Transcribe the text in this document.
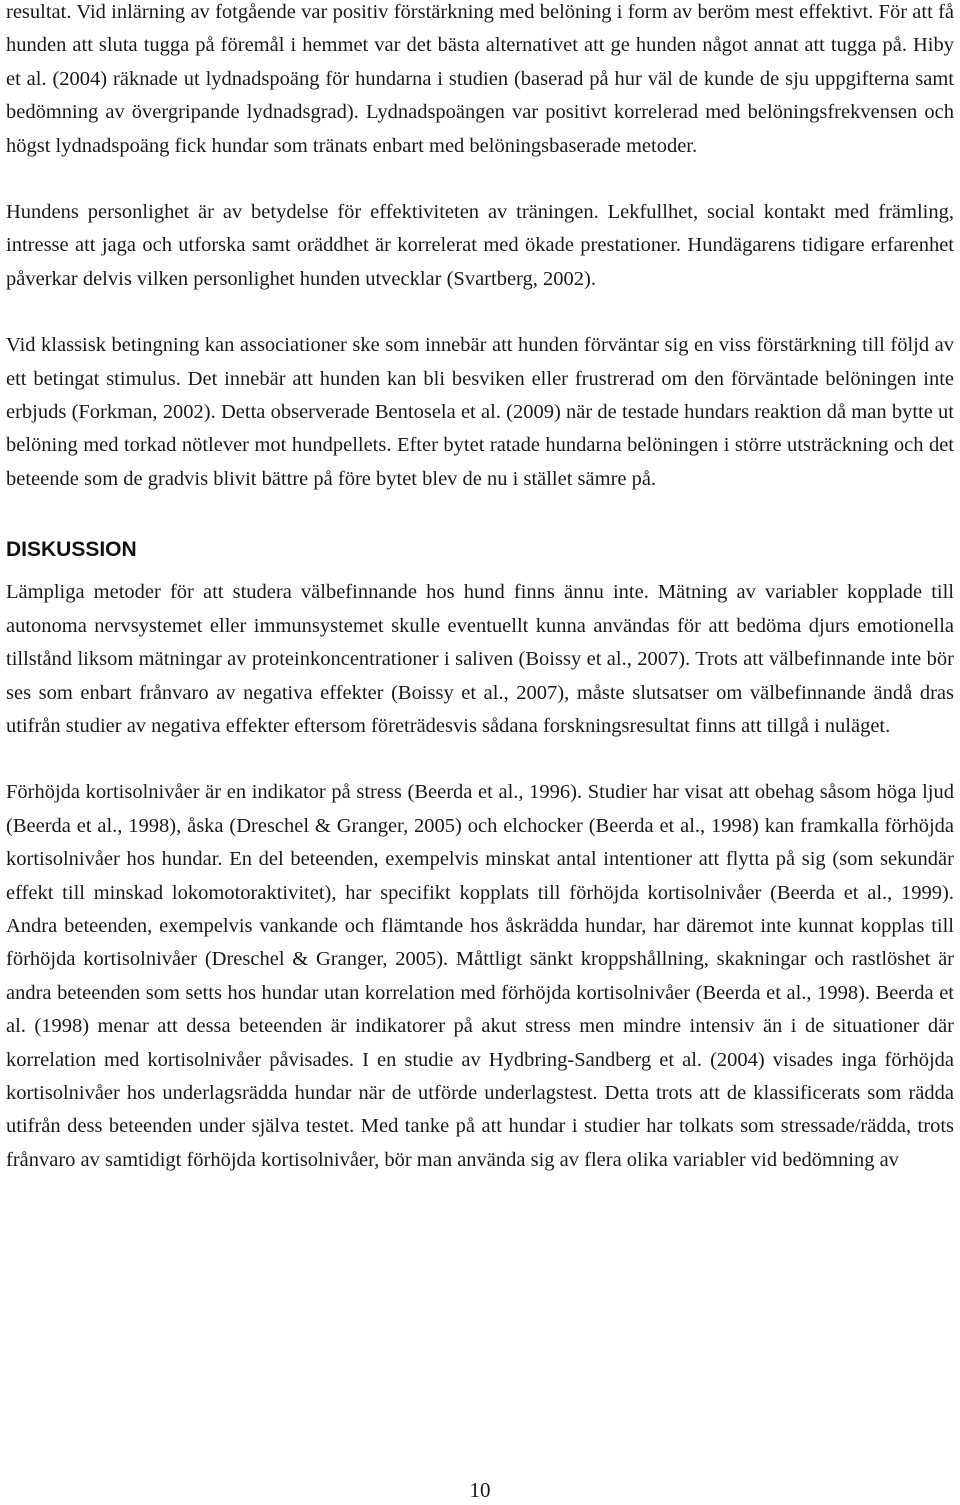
resultat. Vid inlärning av fotgående var positiv förstärkning med belöning i form av beröm mest effektivt. För att få hunden att sluta tugga på föremål i hemmet var det bästa alternativet att ge hunden något annat att tugga på. Hiby et al. (2004) räknade ut lydnadspoäng för hundarna i studien (baserad på hur väl de kunde de sju uppgifterna samt bedömning av övergripande lydnadsgrad). Lydnadspoängen var positivt korrelerad med belöningsfrekvensen och högst lydnadspoäng fick hundar som tränats enbart med belöningsbaserade metoder.

Hundens personlighet är av betydelse för effektiviteten av träningen. Lekfullhet, social kontakt med främling, intresse att jaga och utforska samt oräddhet är korrelerat med ökade prestationer. Hundägarens tidigare erfarenhet påverkar delvis vilken personlighet hunden utvecklar (Svartberg, 2002).

Vid klassisk betingning kan associationer ske som innebär att hunden förväntar sig en viss förstärkning till följd av ett betingat stimulus. Det innebär att hunden kan bli besviken eller frustrerad om den förväntade belöningen inte erbjuds (Forkman, 2002). Detta observerade Bentosela et al. (2009) när de testade hundars reaktion då man bytte ut belöning med torkad nötlever mot hundpellets. Efter bytet ratade hundarna belöningen i större utsträckning och det beteende som de gradvis blivit bättre på före bytet blev de nu i stället sämre på.

DISKUSSION

Lämpliga metoder för att studera välbefinnande hos hund finns ännu inte. Mätning av variabler kopplade till autonoma nervsystemet eller immunsystemet skulle eventuellt kunna användas för att bedöma djurs emotionella tillstånd liksom mätningar av proteinkoncentrationer i saliven (Boissy et al., 2007). Trots att välbefinnande inte bör ses som enbart frånvaro av negativa effekter (Boissy et al., 2007), måste slutsatser om välbefinnande ändå dras utifrån studier av negativa effekter eftersom företrädesvis sådana forskningsresultat finns att tillgå i nuläget.

Förhöjda kortisolnivåer är en indikator på stress (Beerda et al., 1996). Studier har visat att obehag såsom höga ljud (Beerda et al., 1998), åska (Dreschel & Granger, 2005) och elchocker (Beerda et al., 1998) kan framkalla förhöjda kortisolnivåer hos hundar. En del beteenden, exempelvis minskat antal intentioner att flytta på sig (som sekundär effekt till minskad lokomotoraktivitet), har specifikt kopplats till förhöjda kortisolnivåer (Beerda et al., 1999). Andra beteenden, exempelvis vankande och flämtande hos åskrädda hundar, har däremot inte kunnat kopplas till förhöjda kortisolnivåer (Dreschel & Granger, 2005). Måttligt sänkt kroppshållning, skakningar och rastlöshet är andra beteenden som setts hos hundar utan korrelation med förhöjda kortisolnivåer (Beerda et al., 1998). Beerda et al. (1998) menar att dessa beteenden är indikatorer på akut stress men mindre intensiv än i de situationer där korrelation med kortisolnivåer påvisades. I en studie av Hydbring-Sandberg et al. (2004) visades inga förhöjda kortisolnivåer hos underlagsrädda hundar när de utförde underlagstest. Detta trots att de klassificerats som rädda utifrån dess beteenden under själva testet. Med tanke på att hundar i studier har tolkats som stressade/rädda, trots frånvaro av samtidigt förhöjda kortisolnivåer, bör man använda sig av flera olika variabler vid bedömning av

10
